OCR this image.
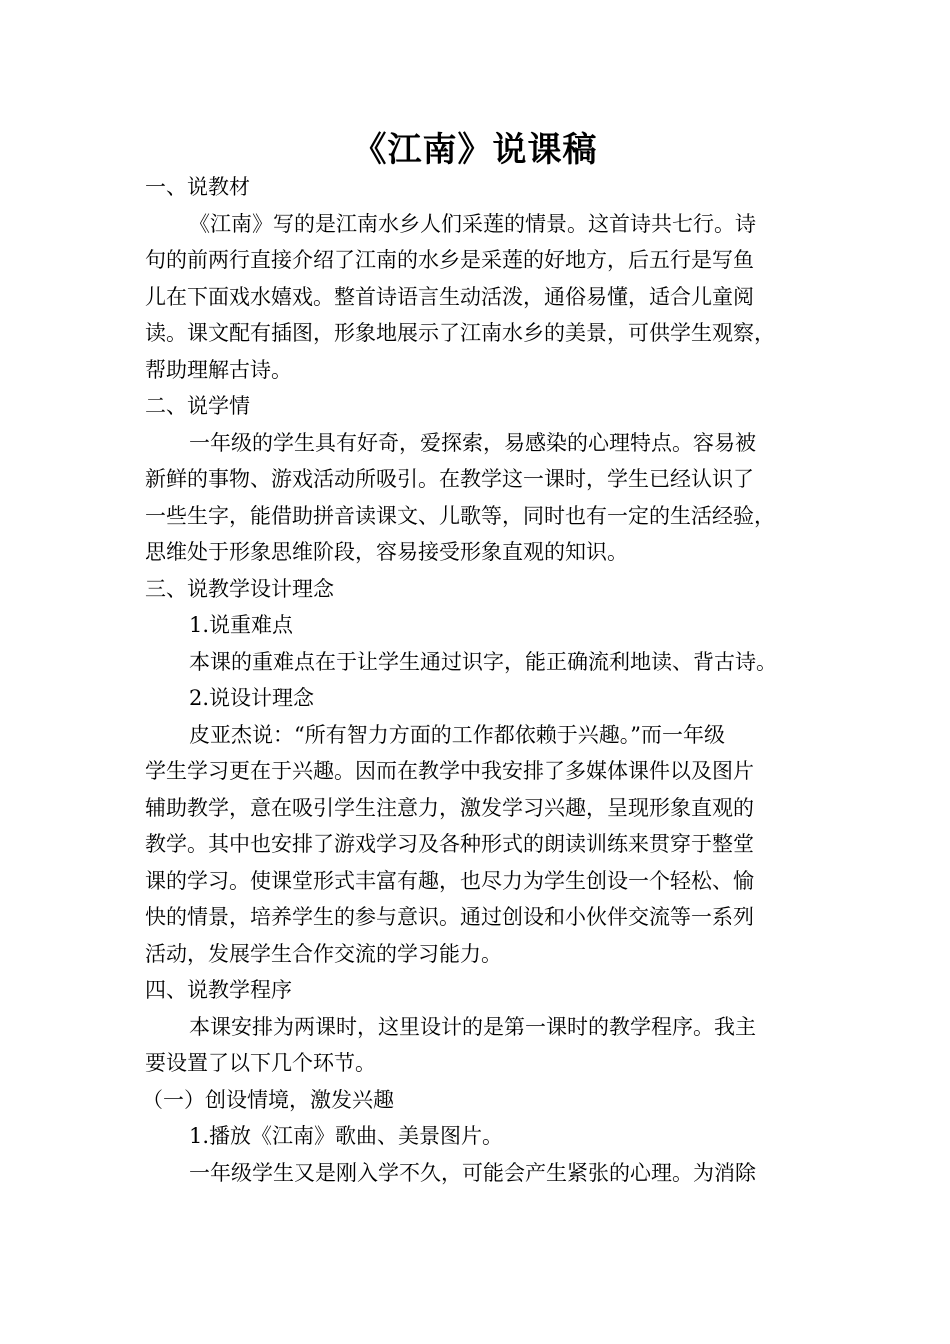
《江南》说课稿
一、说教材
《江南》写的是江南水乡人们采莲的情景。这首诗共七行。诗
句的前两行直接介绍了江南的水乡是采莲的好地方，后五行是写鱼
儿在下面戏水嬉戏。整首诗语言生动活泼，通俗易懂，适合儿童阅
读。课文配有插图，形象地展示了江南水乡的美景，可供学生观察，
帮助理解古诗。
二、说学情
一年级的学生具有好奇，爱探索，易感染的心理特点。容易被
新鲜的事物、游戏活动所吸引。在教学这一课时，学生已经认识了
一些生字，能借助拼音读课文、儿歌等，同时也有一定的生活经验，
思维处于形象思维阶段，容易接受形象直观的知识。
三、说教学设计理念
1.说重难点
本课的重难点在于让学生通过识字，能正确流利地读、背古诗。
2.说设计理念
皮亚杰说：“所有智力方面的工作都依赖于兴趣。”而一年级
学生学习更在于兴趣。因而在教学中我安排了多媒体课件以及图片
辅助教学，意在吸引学生注意力，激发学习兴趣，呈现形象直观的
教学。其中也安排了游戏学习及各种形式的朗读训练来贯穿于整堂
课的学习。使课堂形式丰富有趣，也尽力为学生创设一个轻松、愉
快的情景，培养学生的参与意识。通过创设和小伙伴交流等一系列
活动，发展学生合作交流的学习能力。
四、说教学程序
本课安排为两课时，这里设计的是第一课时的教学程序。我主
要设置了以下几个环节。
（一）创设情境，激发兴趣
1.播放《江南》歌曲、美景图片。
一年级学生又是刚入学不久，可能会产生紧张的心理。为消除
